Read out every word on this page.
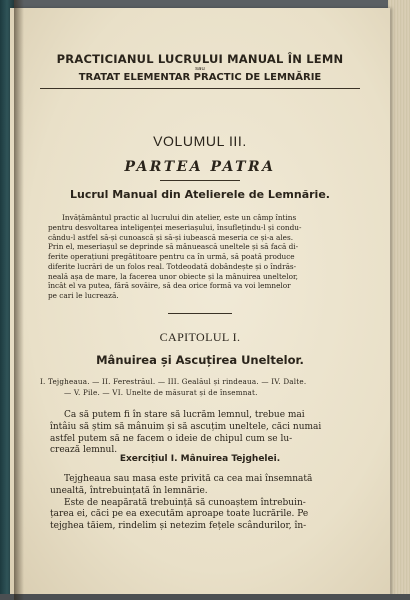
PRACTICIANUL LUCRULUI MANUAL ÎN LEMN
sau
TRATAT ELEMENTAR PRACTIC DE LEMNĂRIE
VOLUMUL III.
PARTEA PATRA
Lucrul Manual din Atelierele de Lemnărie.
Invățământul practic al lucrului din atelier, este un câmp întins
pentru desvoltarea inteligenței meseriașului, însuflețindu-l și condu-
cându-l astfel să-și cunoască și să-și iubească meseria ce și-a ales.
Prin el, meseriașul se deprinde să mânuească uneltele și să facă di-
ferite operațiuni pregătitoare pentru ca în urmă, să poată produce
diferite lucrări de un folos real. Totdeodată dobândește și o îndrăs-
neală așa de mare, la facerea unor obiecte și la mânuirea uneltelor,
încât el va putea, fără sovăire, să dea orice formă va voi lemnelor
pe cari le lucrează.
CAPITOLUL I.
Mânuirea și Ascuțirea Uneltelor.
I. Tejgheaua. — II. Ferestrăul. — III. Gealăul și rindeaua. — IV. Dalte.
— V. Pile. — VI. Unelte de măsurat și de însemnat.
Ca să putem fi în stare să lucrăm lemnul, trebue mai
întâiu să știm să mânuim și să ascuțim uneltele, căci numai
astfel putem să ne facem o ideie de chipul cum se lu-
crează lemnul.
Exercițiul I. Mânuirea Tejghelei.
Tejgheaua sau masa este privită ca cea mai însemnată
unealtă, întrebuințată în lemnărie.
Este de neapărată trebuință să cunoaștem întrebuin-
țarea ei, căci pe ea executăm aproape toate lucrările. Pe
tejghea tăiem, rindelim și netezim fețele scândurilor, în-
